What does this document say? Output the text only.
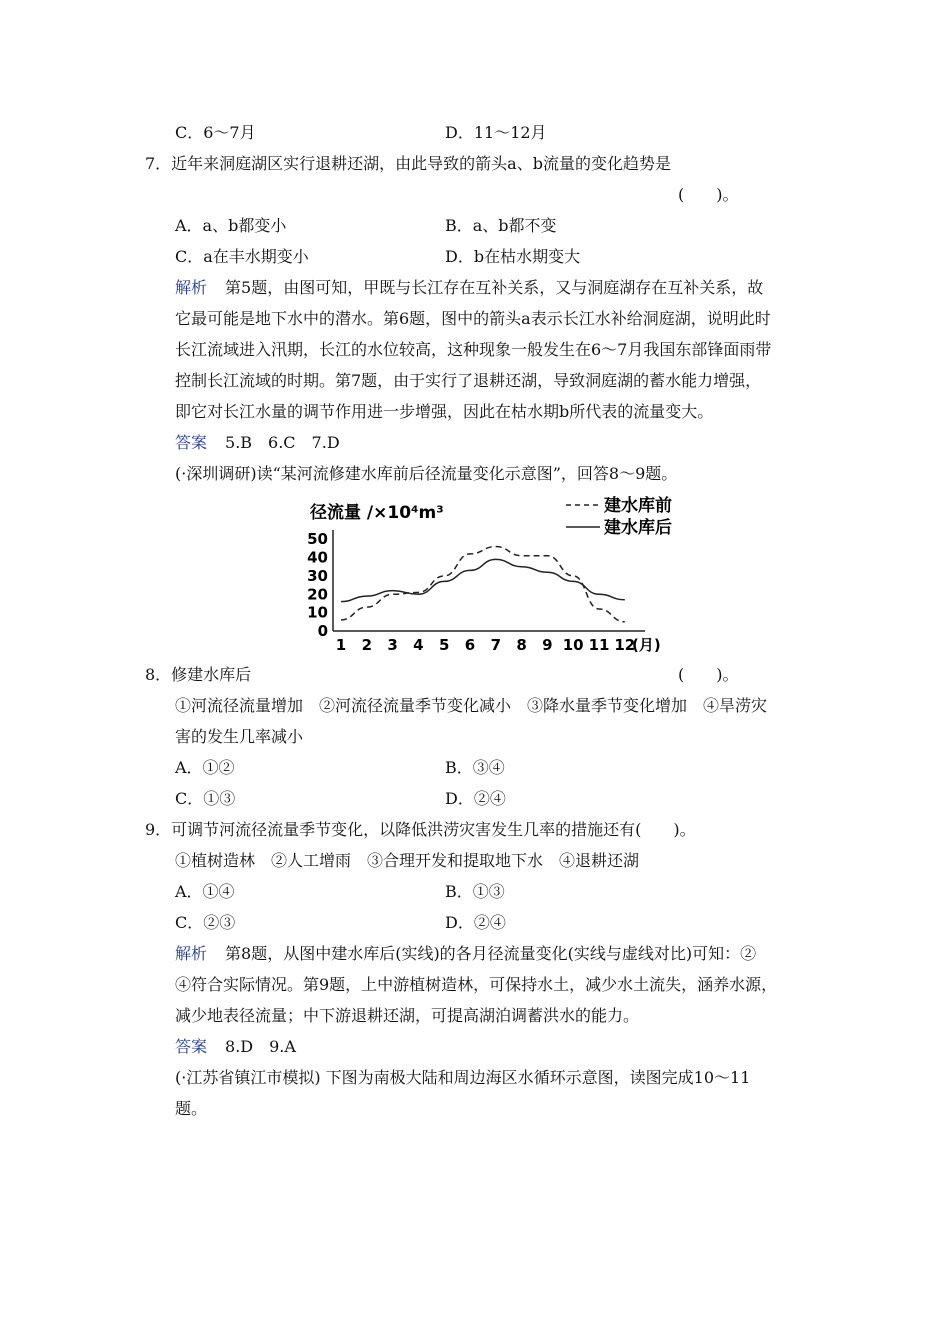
C．6～7月	D．11～12月
7．近年来洞庭湖区实行退耕还湖，由此导致的箭头a、b流量的变化趋势是
(　　)。
A．a、b都变小	B．a、b都不变
C．a在丰水期变小	D．b在枯水期变大
解析 第5题，由图可知，甲既与长江存在互补关系，又与洞庭湖存在互补关系，故
它最可能是地下水中的潜水。第6题，图中的箭头a表示长江水补给洞庭湖，说明此时
长江流域进入汛期，长江的水位较高，这种现象一般发生在6～7月我国东部锋面雨带
控制长江流域的时期。第7题，由于实行了退耕还湖，导致洞庭湖的蓄水能力增强，
即它对长江水量的调节作用进一步增强，因此在枯水期b所代表的流量变大。
答案 5.B　6.C　7.D
(·深圳调研)读“某河流修建水库前后径流量变化示意图”，回答8～9题。
径流量 /×10⁴m³	建水库前
建水库后
0
10
20
30
40
50
1 2 3 4 5 6 7 8 9 10 11 12
(月)
8．修建水库后	(　　)。
①河流径流量增加　②河流径流量季节变化减小　③降水量季节变化增加　④旱涝灾
害的发生几率减小
A．①②	B．③④
C．①③	D．②④
9．可调节河流径流量季节变化，以降低洪涝灾害发生几率的措施还有(　　)。
①植树造林　②人工增雨　③合理开发和提取地下水　④退耕还湖
A．①④	B．①③
C．②③	D．②④
解析 第8题，从图中建水库后(实线)的各月径流量变化(实线与虚线对比)可知：②
④符合实际情况。第9题，上中游植树造林，可保持水土，减少水土流失，涵养水源，
减少地表径流量；中下游退耕还湖，可提高湖泊调蓄洪水的能力。
答案 8.D　9.A
(·江苏省镇江市模拟) 下图为南极大陆和周边海区水循环示意图，读图完成10～11
题。
